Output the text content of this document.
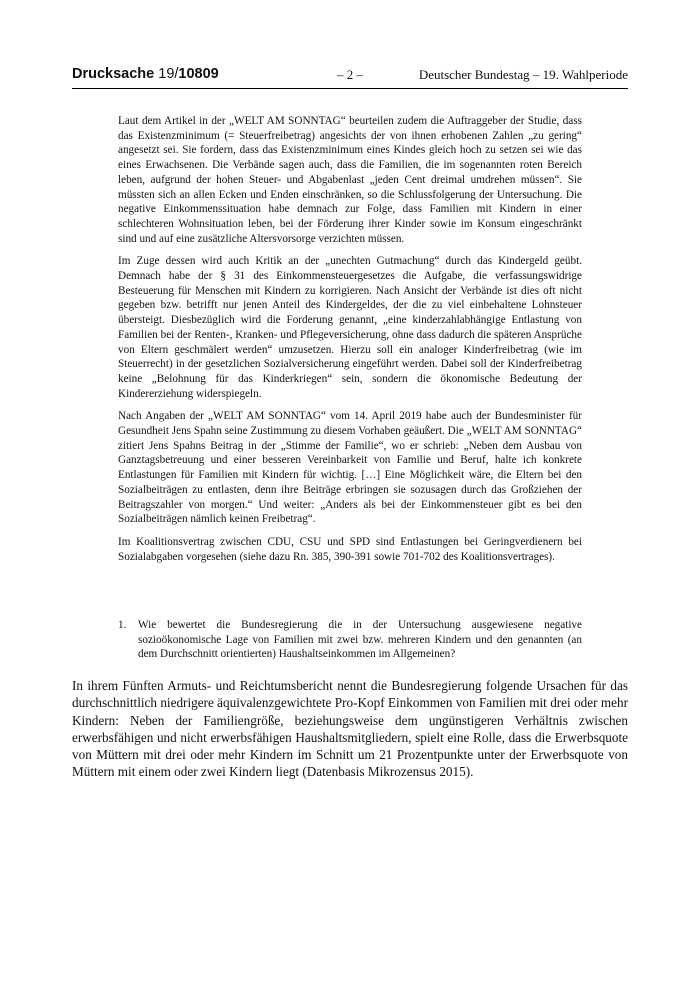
Drucksache 19/10809	– 2 –	Deutscher Bundestag – 19. Wahlperiode

Laut dem Artikel in der „WELT AM SONNTAG“ beurteilen zudem die Auftraggeber der Studie, dass das Existenzminimum (= Steuerfreibetrag) angesichts der von ihnen erhobenen Zahlen „zu gering“ angesetzt sei. Sie fordern, dass das Existenzminimum eines Kindes gleich hoch zu setzen sei wie das eines Erwachsenen. Die Verbände sagen auch, dass die Familien, die im sogenannten roten Bereich leben, aufgrund der hohen Steuer- und Abgabenlast „jeden Cent dreimal umdrehen müssen“. Sie müssten sich an allen Ecken und Enden einschränken, so die Schlussfolgerung der Untersuchung. Die negative Einkommenssituation habe demnach zur Folge, dass Familien mit Kindern in einer schlechteren Wohnsituation leben, bei der Förderung ihrer Kinder sowie im Konsum eingeschränkt sind und auf eine zusätzliche Altersvorsorge verzichten müssen.

Im Zuge dessen wird auch Kritik an der „unechten Gutmachung“ durch das Kindergeld geübt. Demnach habe der § 31 des Einkommensteuergesetzes die Aufgabe, die verfassungswidrige Besteuerung für Menschen mit Kindern zu korrigieren. Nach Ansicht der Verbände ist dies oft nicht gegeben bzw. betrifft nur jenen Anteil des Kindergeldes, der die zu viel einbehaltene Lohnsteuer übersteigt. Diesbezüglich wird die Forderung genannt, „eine kinderzahlabhängige Entlastung von Familien bei der Renten-, Kranken- und Pflegeversicherung, ohne dass dadurch die späteren Ansprüche von Eltern geschmälert werden“ umzusetzen. Hierzu soll ein analoger Kinderfreibetrag (wie im Steuerrecht) in der gesetzlichen Sozialversicherung eingeführt werden. Dabei soll der Kinderfreibetrag keine „Belohnung für das Kinderkriegen“ sein, sondern die ökonomische Bedeutung der Kindererziehung widerspiegeln.

Nach Angaben der „WELT AM SONNTAG“ vom 14. April 2019 habe auch der Bundesminister für Gesundheit Jens Spahn seine Zustimmung zu diesem Vorhaben geäußert. Die „WELT AM SONNTAG“ zitiert Jens Spahns Beitrag in der „Stimme der Familie“, wo er schrieb: „Neben dem Ausbau von Ganztagsbetreuung und einer besseren Vereinbarkeit von Familie und Beruf, halte ich konkrete Entlastungen für Familien mit Kindern für wichtig. […] Eine Möglichkeit wäre, die Eltern bei den Sozialbeiträgen zu entlasten, denn ihre Beiträge erbringen sie sozusagen durch das Großziehen der Beitragszahler von morgen.“ Und weiter: „Anders als bei der Einkommensteuer gibt es bei den Sozialbeiträgen nämlich keinen Freibetrag“.

Im Koalitionsvertrag zwischen CDU, CSU und SPD sind Entlastungen bei Geringverdienern bei Sozialabgaben vorgesehen (siehe dazu Rn. 385, 390-391 sowie 701-702 des Koalitionsvertrages).

1.	Wie bewertet die Bundesregierung die in der Untersuchung ausgewiesene negative sozioökonomische Lage von Familien mit zwei bzw. mehreren Kindern und den genannten (an dem Durchschnitt orientierten) Haushaltseinkommen im Allgemeinen?

In ihrem Fünften Armuts- und Reichtumsbericht nennt die Bundesregierung folgende Ursachen für das durchschnittlich niedrigere äquivalenzgewichtete Pro-Kopf Einkommen von Familien mit drei oder mehr Kindern: Neben der Familiengröße, beziehungsweise dem ungünstigeren Verhältnis zwischen erwerbsfähigen und nicht erwerbsfähigen Haushaltsmitgliedern, spielt eine Rolle, dass die Erwerbsquote von Müttern mit drei oder mehr Kindern im Schnitt um 21 Prozentpunkte unter der Erwerbsquote von Müttern mit einem oder zwei Kindern liegt (Datenbasis Mikrozensus 2015).
